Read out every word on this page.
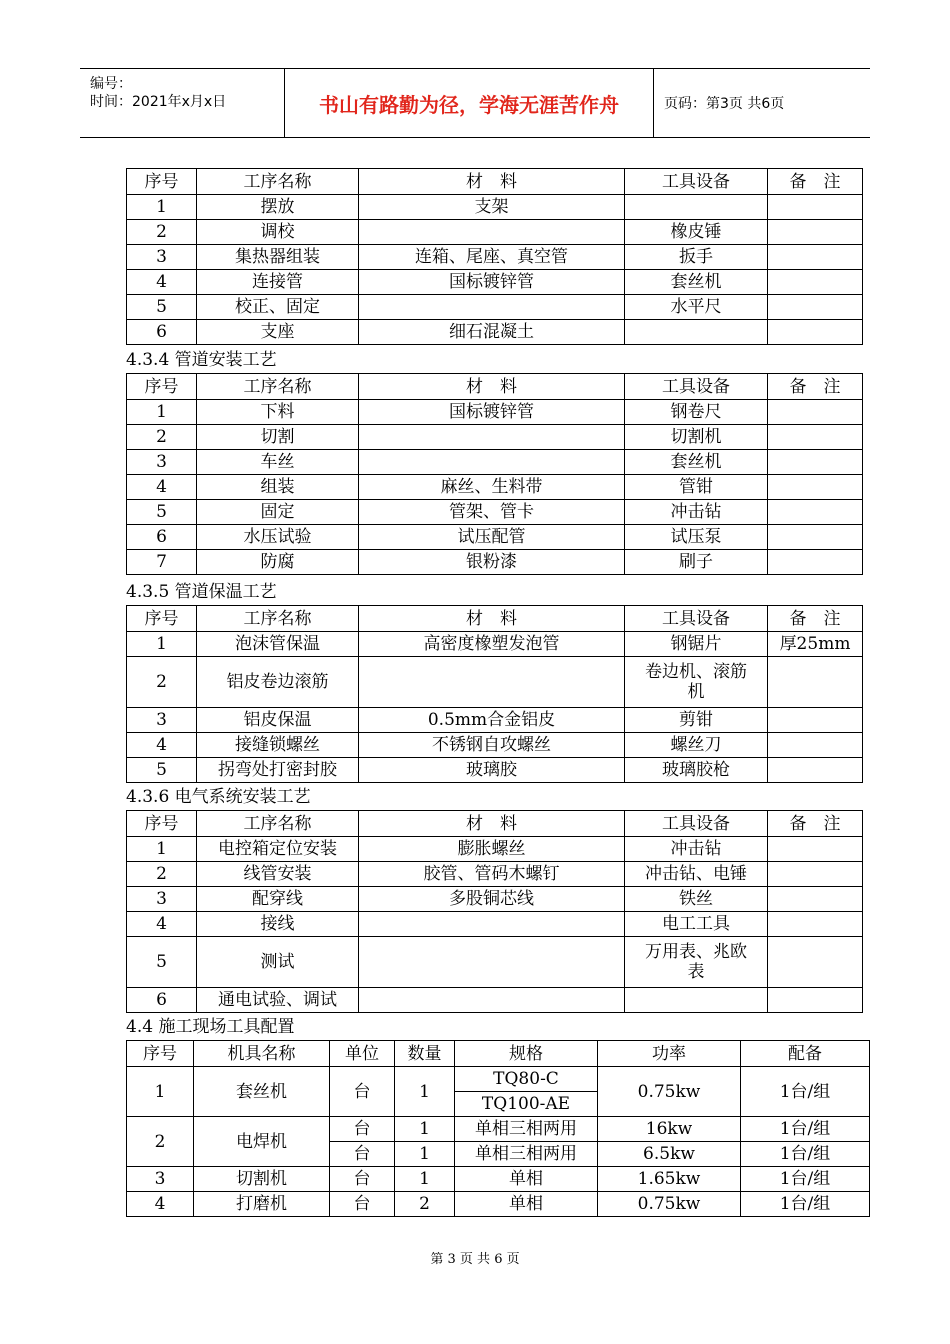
编号：
时间：2021年x月x日	书山有路勤为径，学海无涯苦作舟	页码：第3页 共6页
序号	工序名称	材　料	工具设备	备　注
1	摆放	支架		
2	调校		橡皮锤	
3	集热器组装	连箱、尾座、真空管	扳手	
4	连接管	国标镀锌管	套丝机	
5	校正、固定		水平尺	
6	支座	细石混凝土		
4.3.4 管道安装工艺
序号	工序名称	材　料	工具设备	备　注
1	下料	国标镀锌管	钢卷尺	
2	切割		切割机	
3	车丝		套丝机	
4	组装	麻丝、生料带	管钳	
5	固定	管架、管卡	冲击钻	
6	水压试验	试压配管	试压泵	
7	防腐	银粉漆	刷子	
4.3.5 管道保温工艺
序号	工序名称	材　料	工具设备	备　注
1	泡沫管保温	高密度橡塑发泡管	钢锯片	厚25mm
2	铝皮卷边滚筋		卷边机、滚筋机	
3	铝皮保温	0.5mm合金铝皮	剪钳	
4	接缝锁螺丝	不锈钢自攻螺丝	螺丝刀	
5	拐弯处打密封胶	玻璃胶	玻璃胶枪	
4.3.6 电气系统安装工艺
序号	工序名称	材　料	工具设备	备　注
1	电控箱定位安装	膨胀螺丝	冲击钻	
2	线管安装	胶管、管码木螺钉	冲击钻、电锤	
3	配穿线	多股铜芯线	铁丝	
4	接线		电工工具	
5	测试		万用表、兆欧表	
6	通电试验、调试			
4.4 施工现场工具配置
序号	机具名称	单位	数量	规格	功率	配备
1	套丝机	台	1	TQ80-C	0.75kw	1台/组
				TQ100-AE		
2	电焊机	台	1	单相三相两用	16kw	1台/组
		台	1	单相三相两用	6.5kw	1台/组
3	切割机	台	1	单相	1.65kw	1台/组
4	打磨机	台	2	单相	0.75kw	1台/组
第 3 页 共 6 页
